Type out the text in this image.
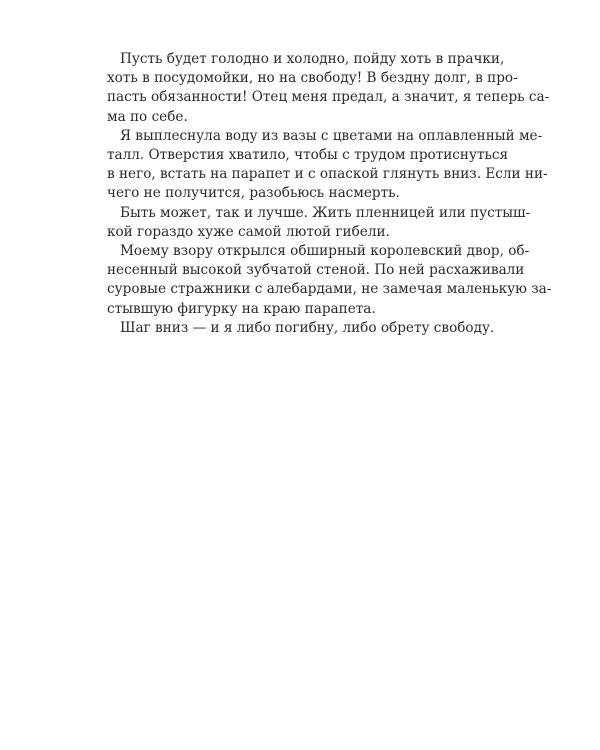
Пусть будет голодно и холодно, пойду хоть в прачки,
хоть в посудомойки, но на свободу! В бездну долг, в про-
пасть обязанности! Отец меня предал, а значит, я теперь са-
ма по себе.
Я выплеснула воду из вазы с цветами на оплавленный ме-
талл. Отверстия хватило, чтобы с трудом протиснуться
в него, встать на парапет и с опаской глянуть вниз. Если ни-
чего не получится, разобьюсь насмерть.
Быть может, так и лучше. Жить пленницей или пустыш-
кой гораздо хуже самой лютой гибели.
Моему взору открылся обширный королевский двор, об-
несенный высокой зубчатой стеной. По ней расхаживали
суровые стражники с алебардами, не замечая маленькую за-
стывшую фигурку на краю парапета.
Шаг вниз — и я либо погибну, либо обрету свободу.
